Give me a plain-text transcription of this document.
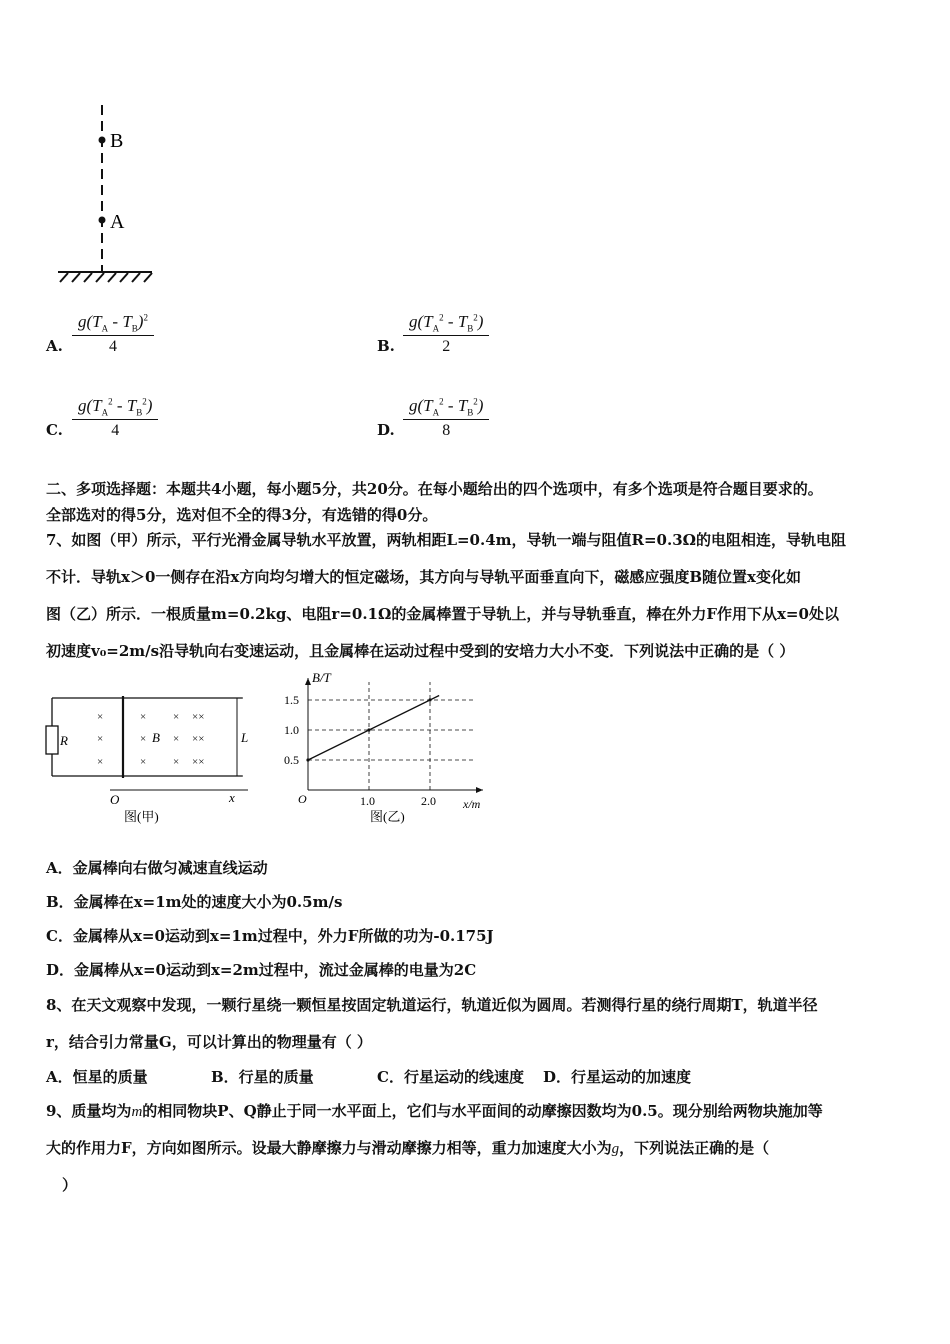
B
A
A.
$g(T_A - T_B)^2$
4	B.
$g(T_A^2 - T_B^2)$
2
C.
$g(T_A^2 - T_B^2)$
4	D.
$g(T_A^2 - T_B^2)$
8
二、多项选择题：本题共4小题，每小题5分，共20分。在每小题给出的四个选项中，有多个选项是符合题目要求的。
全部选对的得5分，选对但不全的得3分，有选错的得0分。
7、如图（甲）所示，平行光滑金属导轨水平放置，两轨相距L=0.4m，导轨一端与阻值R=0.3Ω的电阻相连，导轨电阻
不计．导轨x＞0一侧存在沿x方向均匀增大的恒定磁场，其方向与导轨平面垂直向下，磁感应强度B随位置x变化如
图（乙）所示．一根质量m=0.2kg、电阻r=0.1Ω的金属棒置于导轨上，并与导轨垂直，棒在外力F作用下从x=0处以
初速度v₀=2m/s沿导轨向右变速运动，且金属棒在运动过程中受到的安培力大小不变．下列说法中正确的是（ ）
R
×
×
×
×
×
×
×
×
×
××
××
××
B	L
O	x
图(甲)
1.5
1.0
0.5
1.0	2.0
O
B/T
x/m
图(乙)
A．金属棒向右做匀减速直线运动
B．金属棒在x=1m处的速度大小为0.5m/s
C．金属棒从x=0运动到x=1m过程中，外力F所做的功为-0.175J
D．金属棒从x=0运动到x=2m过程中，流过金属棒的电量为2C
8、在天文观察中发现，一颗行星绕一颗恒星按固定轨道运行，轨道近似为圆周。若测得行星的绕行周期T，轨道半径
r，结合引力常量G，可以计算出的物理量有（ ）
A．恒星的质量	B．行星的质量	C．行星运动的线速度 D．行星运动的加速度
9、质量均为m的相同物块P、Q静止于同一水平面上，它们与水平面间的动摩擦因数均为0.5。现分别给两物块施加等
大的作用力F，方向如图所示。设最大静摩擦力与滑动摩擦力相等，重力加速度大小为g，下列说法正确的是（
）
